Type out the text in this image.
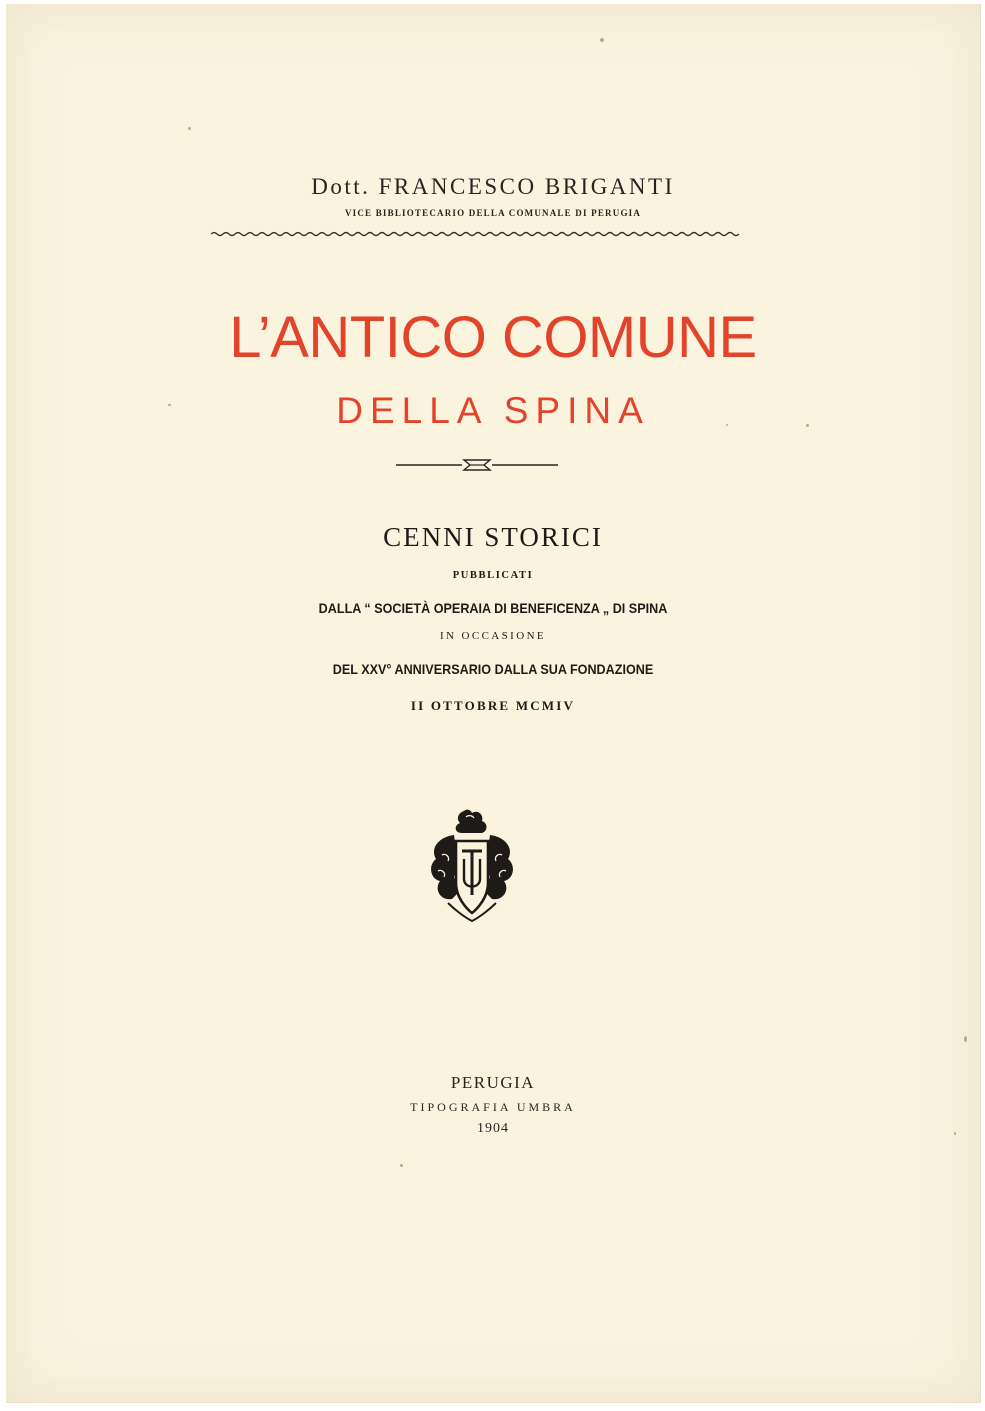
Dott. FRANCESCO BRIGANTI
VICE BIBLIOTECARIO DELLA COMUNALE DI PERUGIA
L’ANTICO COMUNE
DELLA SPINA
CENNI STORICI
PUBBLICATI
DALLA “ SOCIETÀ OPERAIA DI BENEFICENZA „ DI SPINA
IN OCCASIONE
DEL XXV° ANNIVERSARIO DALLA SUA FONDAZIONE
II OTTOBRE MCMIV
PERUGIA
TIPOGRAFIA UMBRA
1904
